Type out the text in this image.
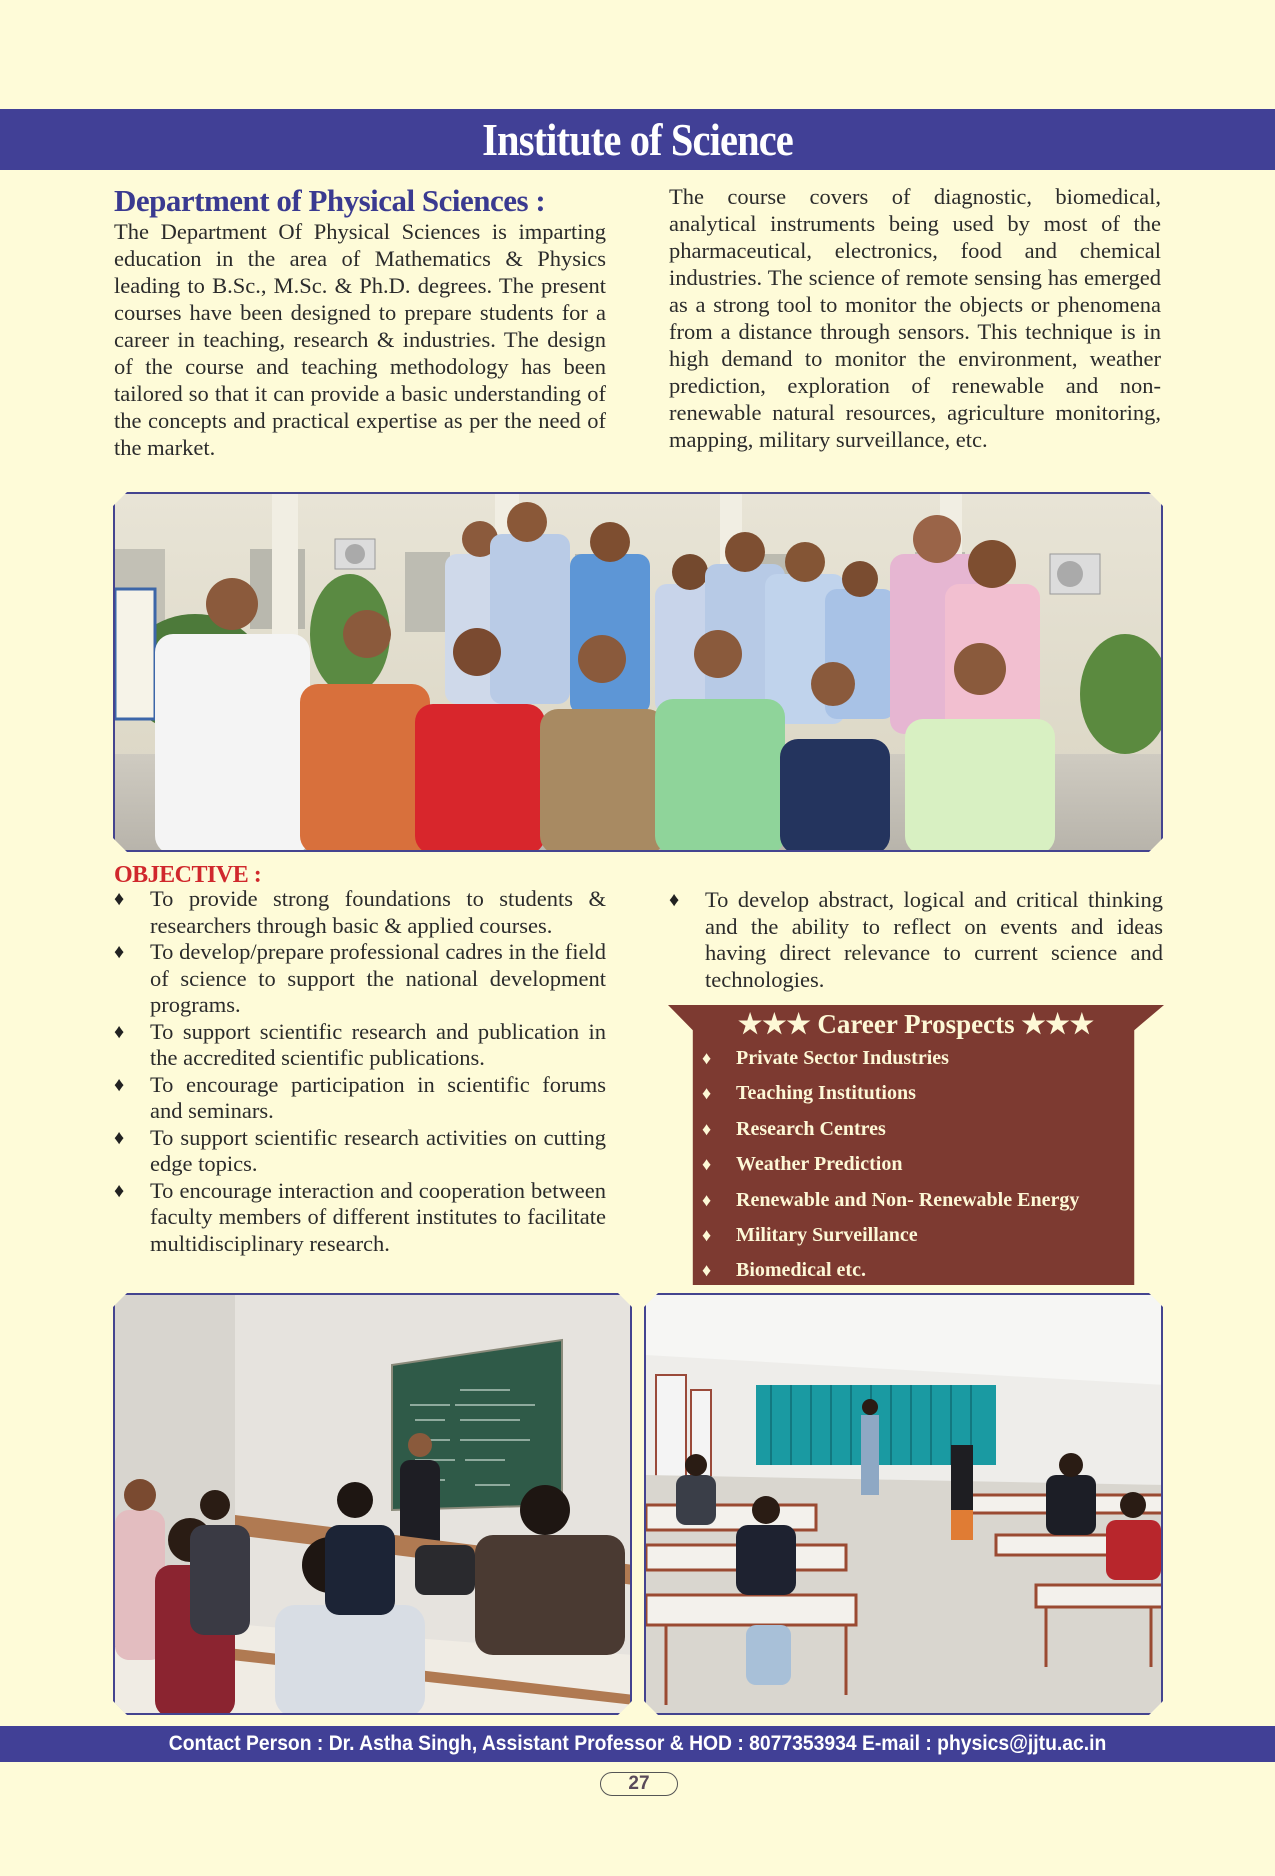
Institute of Science
Department of Physical Sciences :

The Department Of Physical Sciences is imparting education in the area of Mathematics & Physics leading to B.Sc., M.Sc. & Ph.D. degrees. The present courses have been designed to prepare students for a career in teaching, research & industries. The design of the course and teaching methodology has been tailored so that it can provide a basic understanding of the concepts and practical expertise as per the need of the market.

The course covers of diagnostic, biomedical, analytical instruments being used by most of the pharmaceutical, electronics, food and chemical industries. The science of remote sensing has emerged as a strong tool to monitor the objects or phenomena from a distance through sensors. This technique is in high demand to monitor the environment, weather prediction, exploration of renewable and non-renewable natural resources, agriculture monitoring, mapping, military surveillance, etc.

OBJECTIVE :
♦ To provide strong foundations to students & researchers through basic & applied courses.
♦ To develop/prepare professional cadres in the field of science to support the national development programs.
♦ To support scientific research and publication in the accredited scientific publications.
♦ To encourage participation in scientific forums and seminars.
♦ To support scientific research activities on cutting edge topics.
♦ To encourage interaction and cooperation between faculty members of different institutes to facilitate multidisciplinary research.
♦ To develop abstract, logical and critical thinking and the ability to reflect on events and ideas having direct relevance to current science and technologies.
★★★ Career Prospects ★★★
♦ Private Sector Industries
♦ Teaching Institutions
♦ Research Centres
♦ Weather Prediction
♦ Renewable and Non- Renewable Energy
♦ Military Surveillance
♦ Biomedical etc.
Contact Person : Dr. Astha Singh, Assistant Professor & HOD : 8077353934 E-mail : physics@jjtu.ac.in
27
